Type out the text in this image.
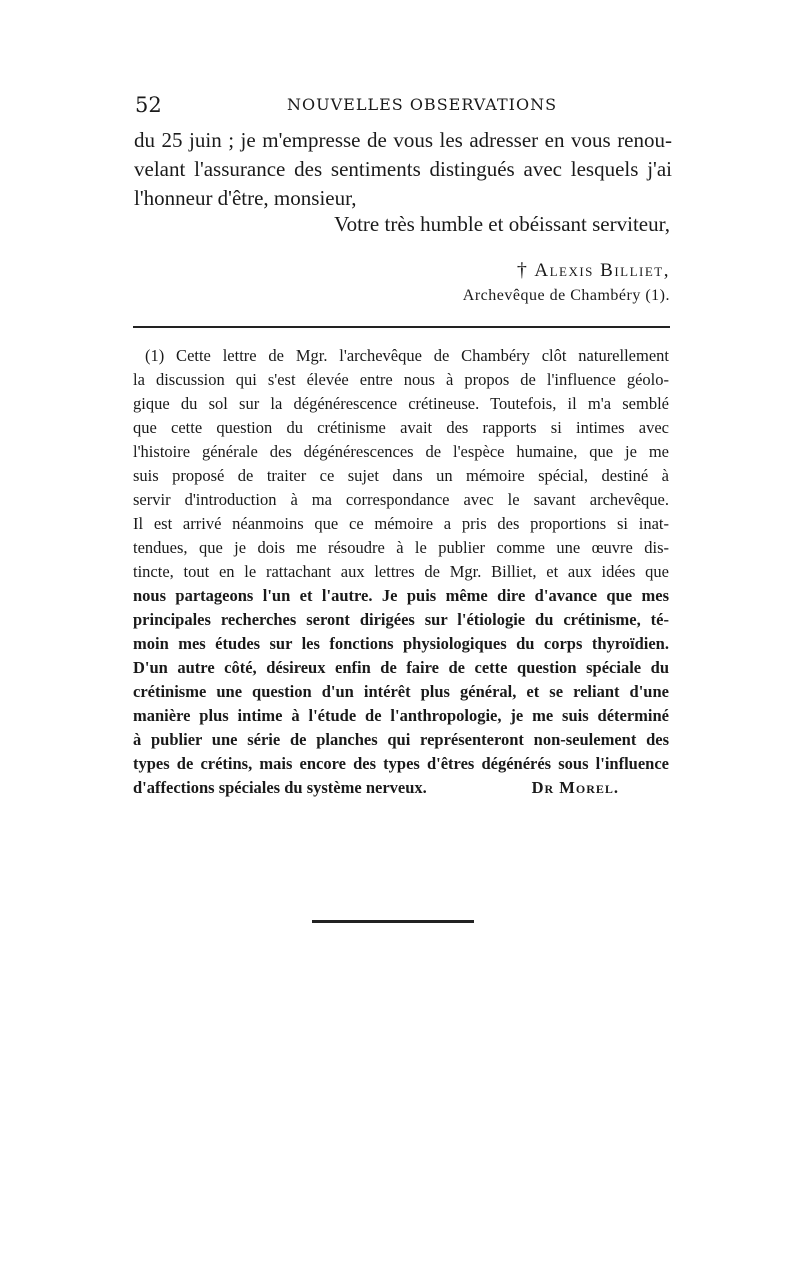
52	NOUVELLES OBSERVATIONS

du 25 juin ; je m'empresse de vous les adresser en vous renou-

velant l'assurance des sentiments distingués avec lesquels j'ai

l'honneur d'être, monsieur,

Votre très humble et obéissant serviteur,
† Alexis Billiet,
Archevêque de Chambéry (1).
(1) Cette lettre de Mgr. l'archevêque de Chambéry clôt naturellement
la discussion qui s'est élevée entre nous à propos de l'influence géolo-
gique du sol sur la dégénérescence crétineuse. Toutefois, il m'a semblé
que cette question du crétinisme avait des rapports si intimes avec
l'histoire générale des dégénérescences de l'espèce humaine, que je me
suis proposé de traiter ce sujet dans un mémoire spécial, destiné à
servir d'introduction à ma correspondance avec le savant archevêque.
Il est arrivé néanmoins que ce mémoire a pris des proportions si inat-
tendues, que je dois me résoudre à le publier comme une œuvre dis-
tincte, tout en le rattachant aux lettres de Mgr. Billiet, et aux idées que
nous partageons l'un et l'autre. Je puis même dire d'avance que mes
principales recherches seront dirigées sur l'étiologie du crétinisme, té-
moin mes études sur les fonctions physiologiques du corps thyroïdien.
D'un autre côté, désireux enfin de faire de cette question spéciale du
crétinisme une question d'un intérêt plus général, et se reliant d'une
manière plus intime à l'étude de l'anthropologie, je me suis déterminé
à publier une série de planches qui représenteront non-seulement des
types de crétins, mais encore des types d'êtres dégénérés sous l'influence
d'affections spéciales du système nerveux.	Dr Morel.
